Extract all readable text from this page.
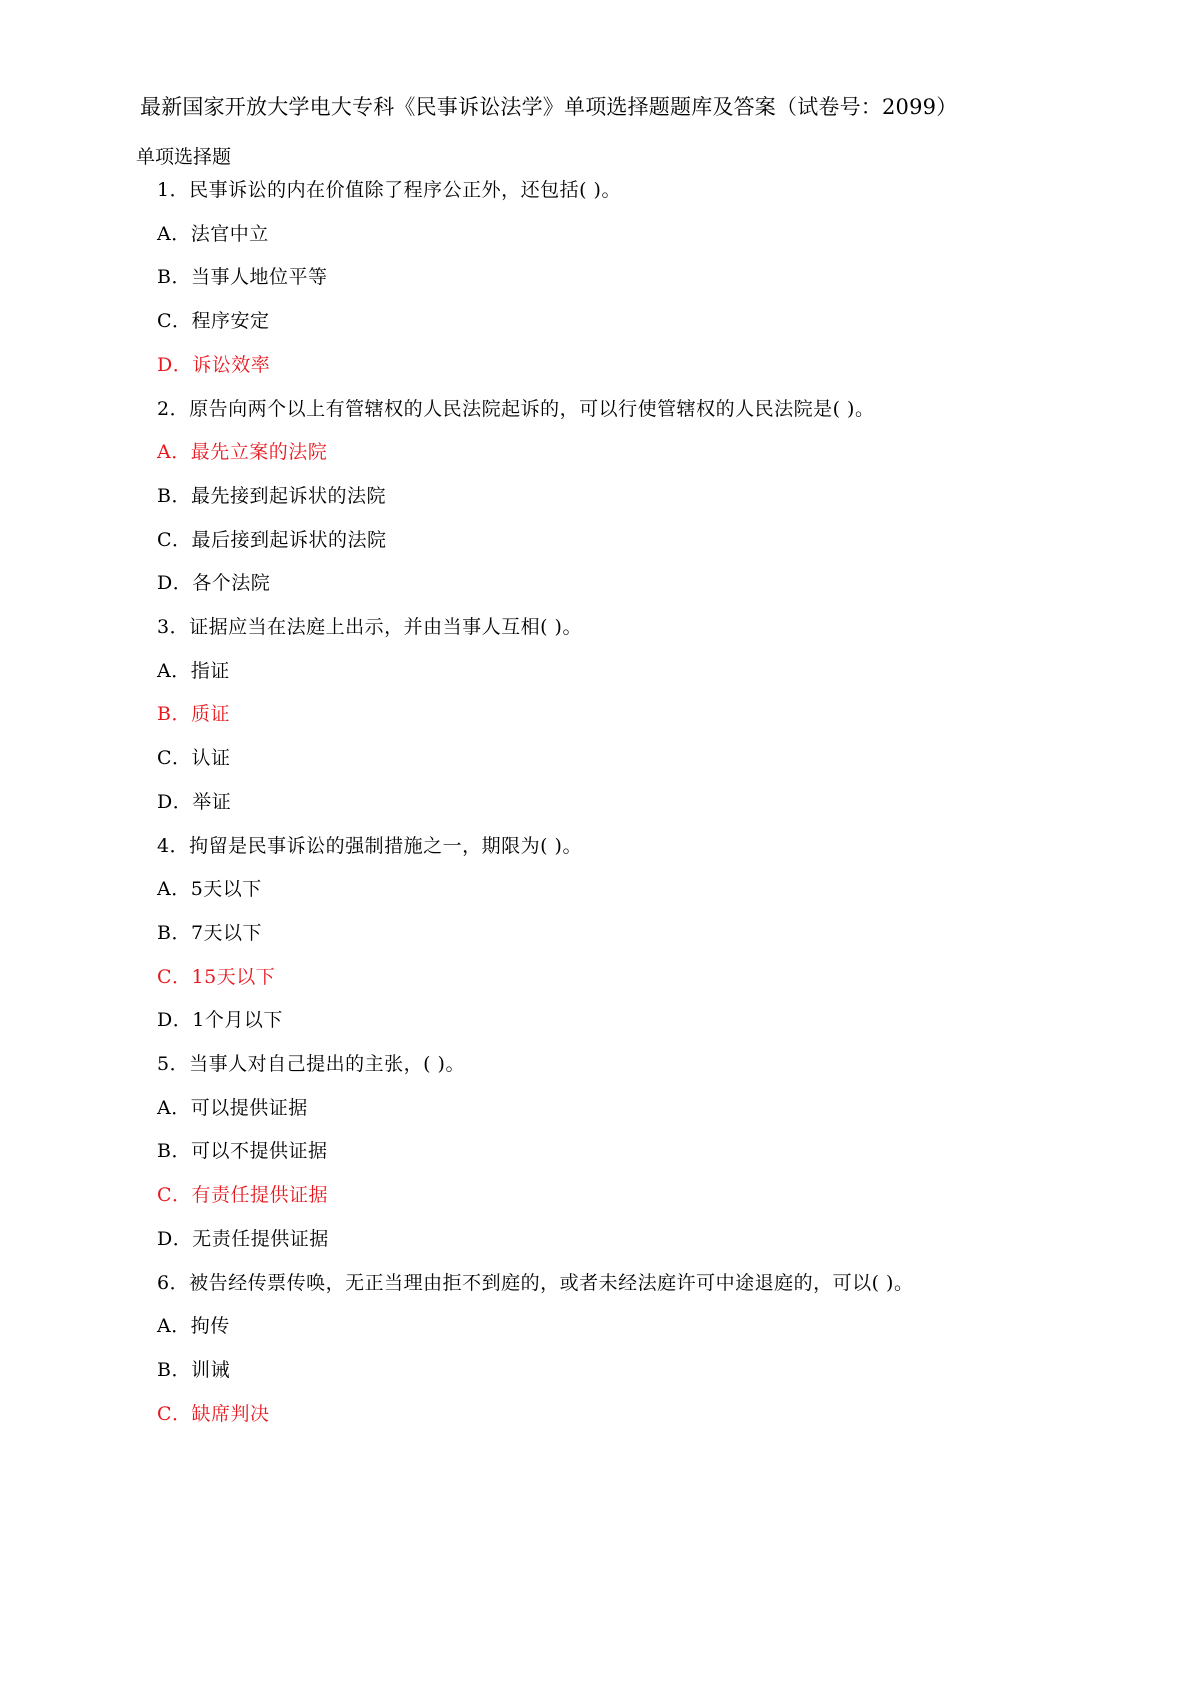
最新国家开放大学电大专科《民事诉讼法学》单项选择题题库及答案（试卷号：2099）
单项选择题
1．民事诉讼的内在价值除了程序公正外，还包括( )。
A．法官中立
B．当事人地位平等
C．程序安定
D．诉讼效率
2．原告向两个以上有管辖权的人民法院起诉的，可以行使管辖权的人民法院是( )。
A．最先立案的法院
B．最先接到起诉状的法院
C．最后接到起诉状的法院
D．各个法院
3．证据应当在法庭上出示，并由当事人互相( )。
A．指证
B．质证
C．认证
D．举证
4．拘留是民事诉讼的强制措施之一，期限为( )。
A．5天以下
B．7天以下
C．15天以下
D．1个月以下
5．当事人对自己提出的主张，( )。
A．可以提供证据
B．可以不提供证据
C．有责任提供证据
D．无责任提供证据
6．被告经传票传唤，无正当理由拒不到庭的，或者未经法庭许可中途退庭的，可以( )。
A．拘传
B．训诫
C．缺席判决
